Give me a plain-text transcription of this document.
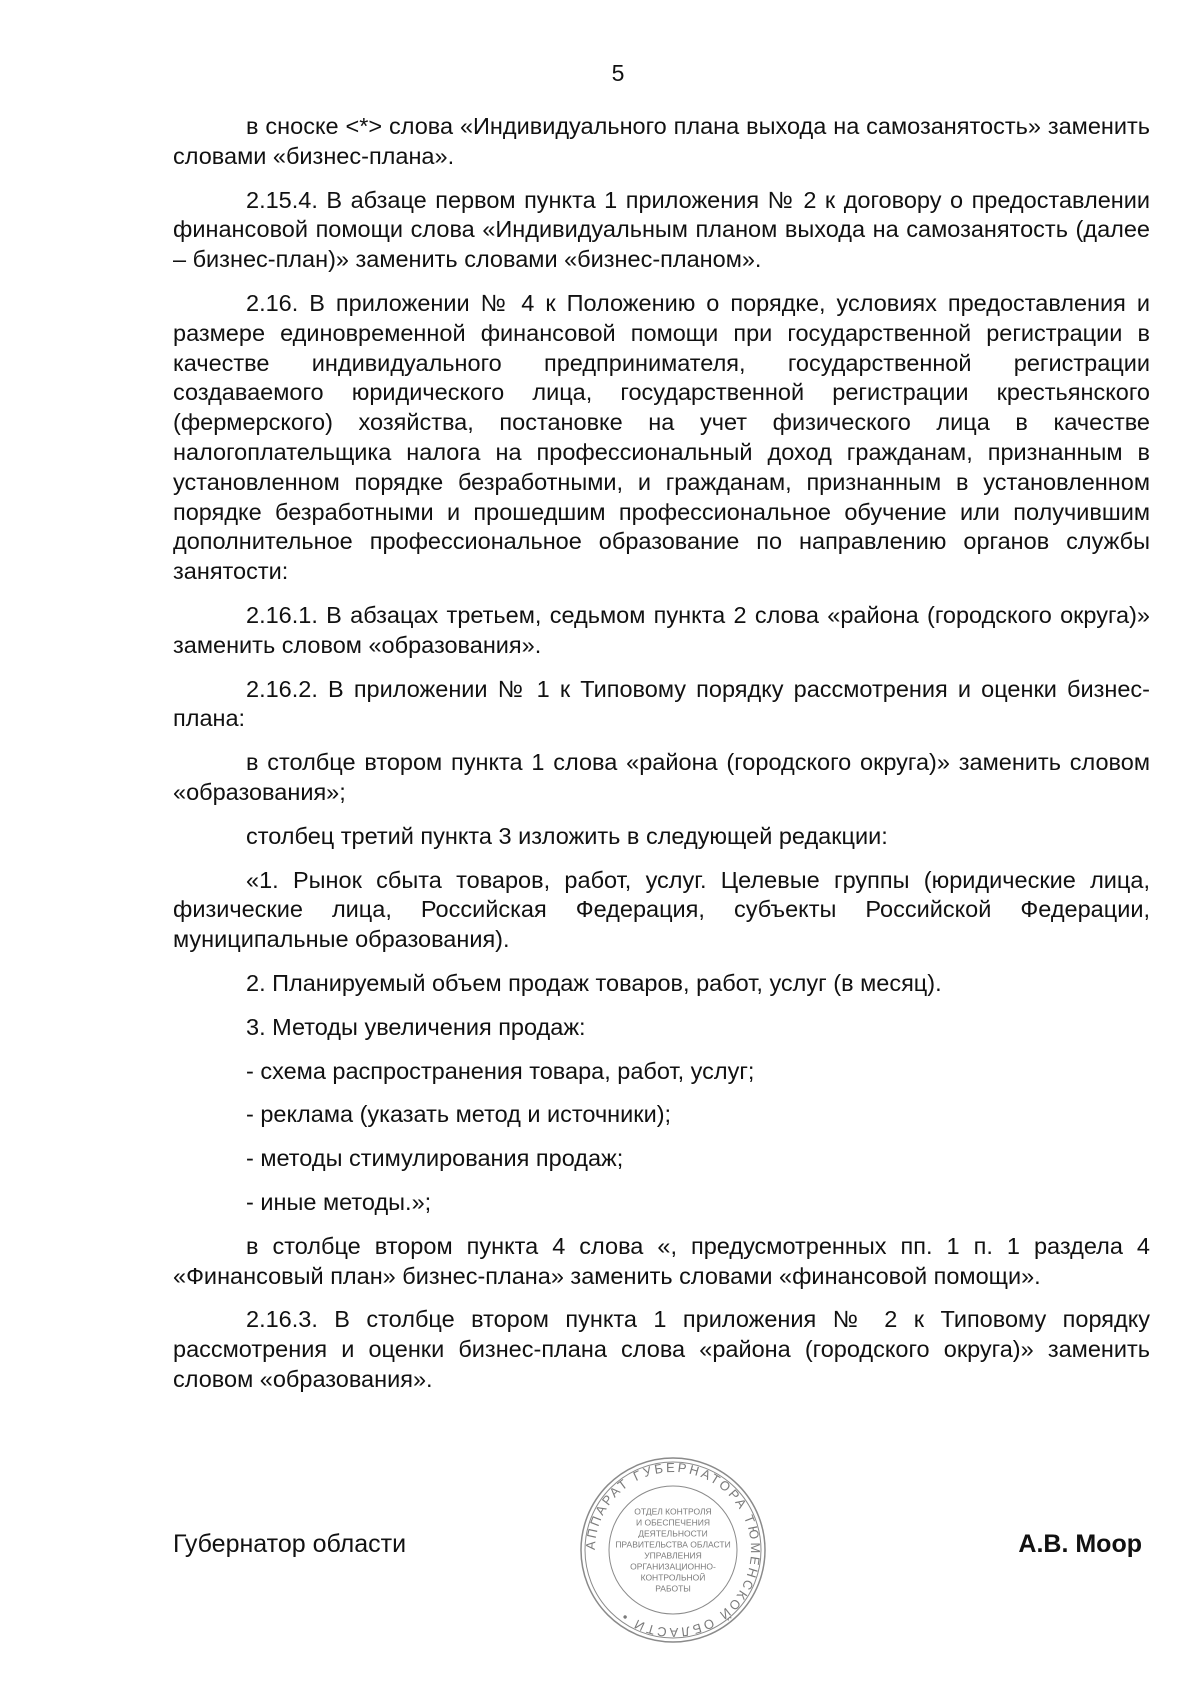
5

в сноске <*> слова «Индивидуального плана выхода на самозанятость» заменить словами «бизнес-плана».

2.15.4. В абзаце первом пункта 1 приложения № 2 к договору о предоставлении финансовой помощи слова «Индивидуальным планом выхода на самозанятость (далее – бизнес-план)» заменить словами «бизнес-планом».

2.16. В приложении № 4 к Положению о порядке, условиях предоставления и размере единовременной финансовой помощи при государственной регистрации в качестве индивидуального предпринимателя, государственной регистрации создаваемого юридического лица, государственной регистрации крестьянского (фермерского) хозяйства, постановке на учет физического лица в качестве налогоплательщика налога на профессиональный доход гражданам, признанным в установленном порядке безработными, и гражданам, признанным в установленном порядке безработными и прошедшим профессиональное обучение или получившим дополнительное профессиональное образование по направлению органов службы занятости:

2.16.1. В абзацах третьем, седьмом пункта 2 слова «района (городского округа)» заменить словом «образования».

2.16.2. В приложении № 1 к Типовому порядку рассмотрения и оценки бизнес-плана:

в столбце втором пункта 1 слова «района (городского округа)» заменить словом «образования»;

столбец третий пункта 3 изложить в следующей редакции:

«1. Рынок сбыта товаров, работ, услуг. Целевые группы (юридические лица, физические лица, Российская Федерация, субъекты Российской Федерации, муниципальные образования).

2. Планируемый объем продаж товаров, работ, услуг (в месяц).

3. Методы увеличения продаж:

- схема распространения товара, работ, услуг;

- реклама (указать метод и источники);

- методы стимулирования продаж;

- иные методы.»;

в столбце втором пункта 4 слова «, предусмотренных пп. 1 п. 1 раздела 4 «Финансовый план» бизнес-плана» заменить словами «финансовой помощи».

2.16.3. В столбце втором пункта 1 приложения № 2 к Типовому порядку рассмотрения и оценки бизнес-плана слова «района (городского округа)» заменить словом «образования».

Губернатор области	А.В. Моор
АППАРАТ ГУБЕРНАТОРА ТЮМЕНСКОЙ ОБЛАСТИ •
ОТДЕЛ КОНТРОЛЯ
И ОБЕСПЕЧЕНИЯ
ДЕЯТЕЛЬНОСТИ
ПРАВИТЕЛЬСТВА ОБЛАСТИ
УПРАВЛЕНИЯ
ОРГАНИЗАЦИОННО-
КОНТРОЛЬНОЙ
РАБОТЫ
